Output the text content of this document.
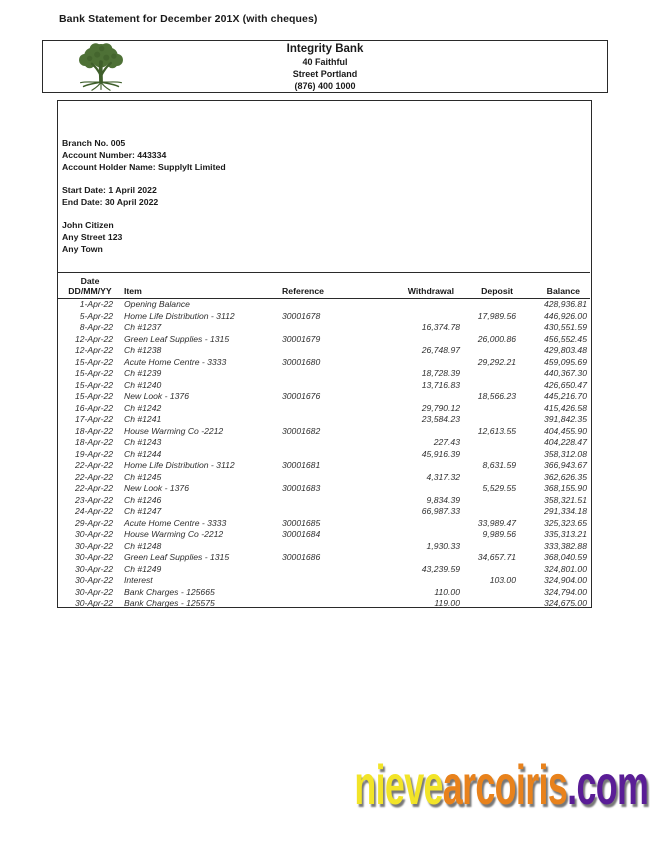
Bank Statement for December 201X (with cheques)
Integrity Bank
40 Faithful
Street Portland
(876) 400 1000
Branch No. 005
Account Number: 443334
Account Holder Name: SupplyIt Limited
Start Date: 1 April 2022
End Date: 30 April 2022
John Citizen
Any Street 123
Any Town
Date
DD/MM/YY	Item	Reference	Withdrawal	Deposit	Balance
1-Apr-22	Opening Balance				428,936.81
5-Apr-22	Home Life Distribution - 3112	30001678		17,989.56	446,926.00
8-Apr-22	Ch #1237		16,374.78		430,551.59
12-Apr-22	Green Leaf Supplies - 1315	30001679		26,000.86	456,552.45
12-Apr-22	Ch #1238		26,748.97		429,803.48
15-Apr-22	Acute Home Centre - 3333	30001680		29,292.21	459,095.69
15-Apr-22	Ch #1239		18,728.39		440,367.30
15-Apr-22	Ch #1240		13,716.83		426,650.47
15-Apr-22	New Look - 1376	30001676		18,566.23	445,216.70
16-Apr-22	Ch #1242		29,790.12		415,426.58
17-Apr-22	Ch #1241		23,584.23		391,842.35
18-Apr-22	House Warming Co -2212	30001682		12,613.55	404,455.90
18-Apr-22	Ch #1243		227.43		404,228.47
19-Apr-22	Ch #1244		45,916.39		358,312.08
22-Apr-22	Home Life Distribution - 3112	30001681		8,631.59	366,943.67
22-Apr-22	Ch #1245		4,317.32		362,626.35
22-Apr-22	New Look - 1376	30001683		5,529.55	368,155.90
23-Apr-22	Ch #1246		9,834.39		358,321.51
24-Apr-22	Ch #1247		66,987.33		291,334.18
29-Apr-22	Acute Home Centre - 3333	30001685		33,989.47	325,323.65
30-Apr-22	House Warming Co -2212	30001684		9,989.56	335,313.21
30-Apr-22	Ch #1248		1,930.33		333,382.88
30-Apr-22	Green Leaf Supplies - 1315	30001686		34,657.71	368,040.59
30-Apr-22	Ch #1249		43,239.59		324,801.00
30-Apr-22	Interest			103.00	324,904.00
30-Apr-22	Bank Charges - 125665		110.00		324,794.00
30-Apr-22	Bank Charges - 125575		119.00		324,675.00
nievearcoiris.com
